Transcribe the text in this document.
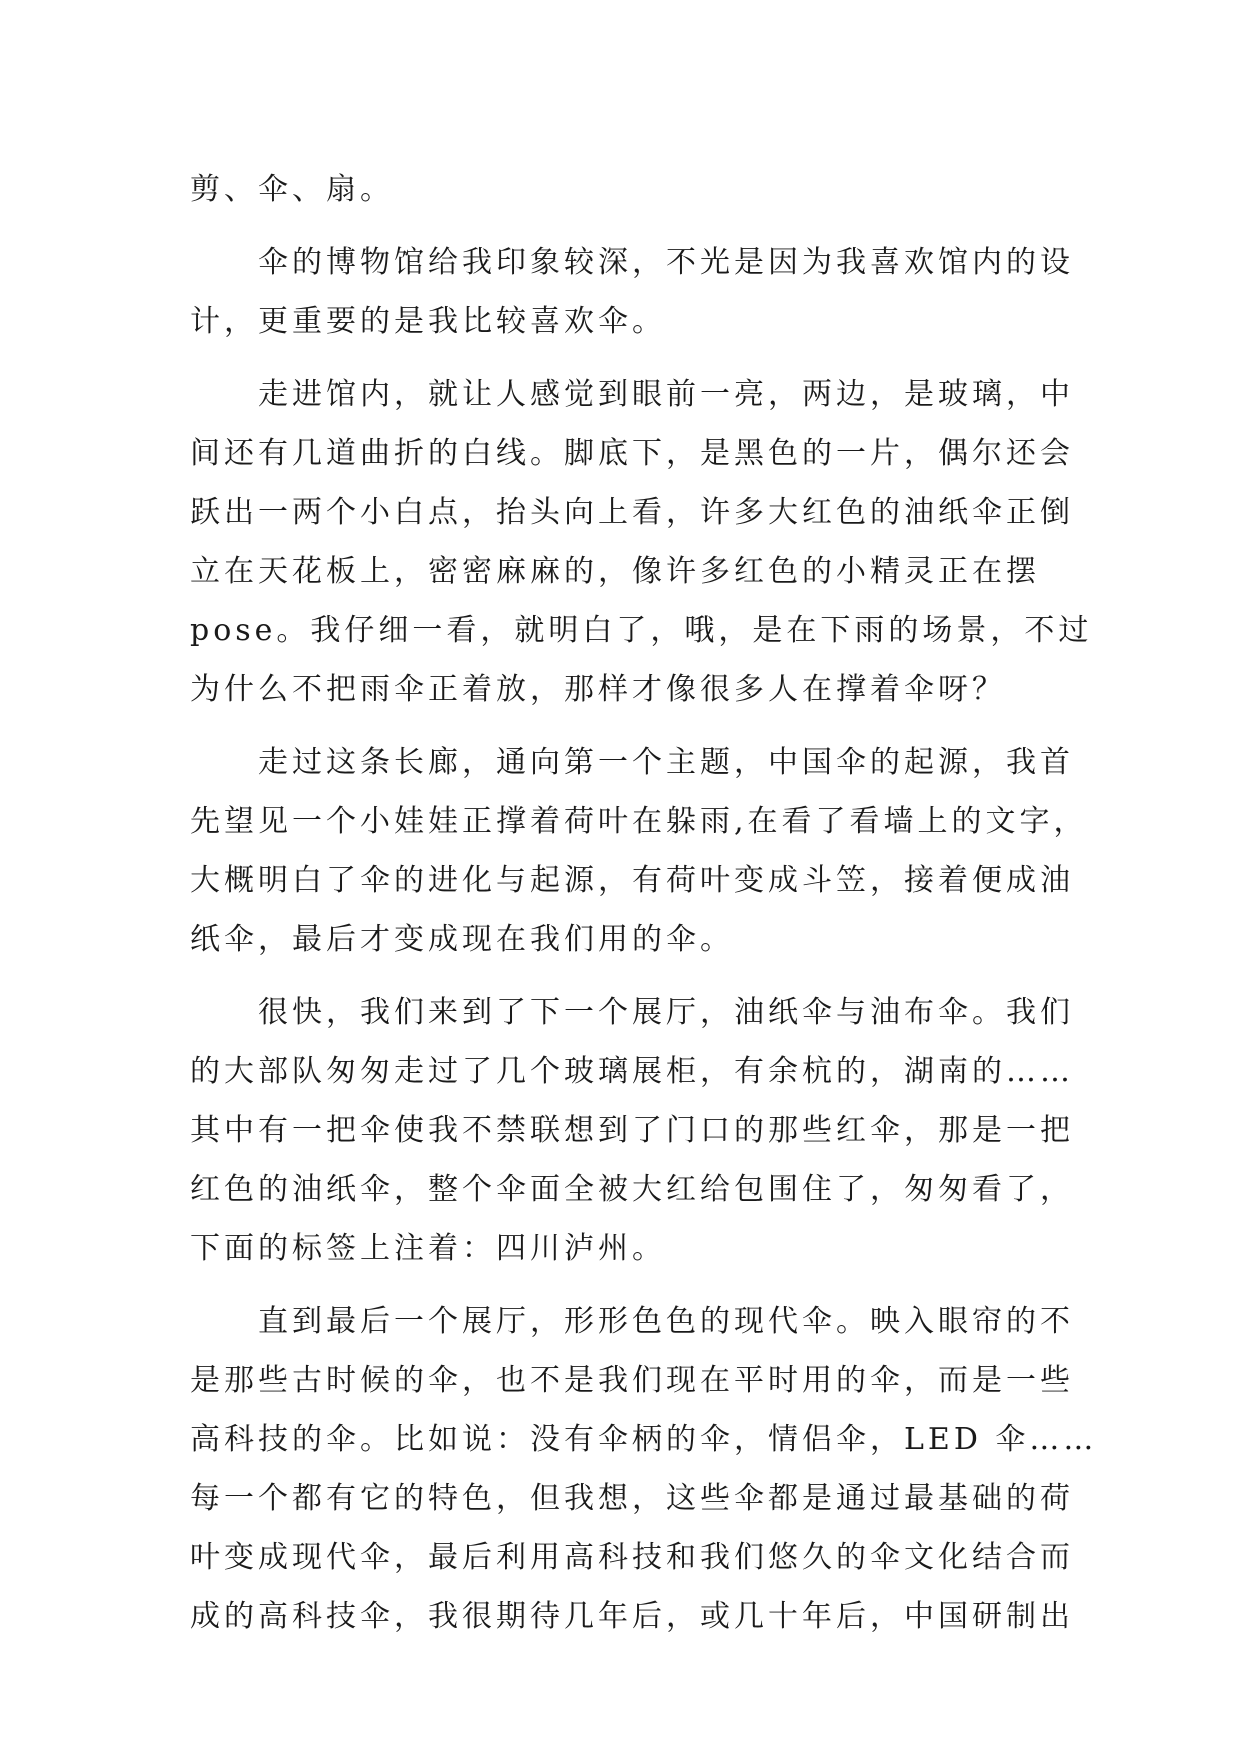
剪、伞、扇。
　　伞的博物馆给我印象较深，不光是因为我喜欢馆内的设
计，更重要的是我比较喜欢伞。
　　走进馆内，就让人感觉到眼前一亮，两边，是玻璃，中
间还有几道曲折的白线。脚底下，是黑色的一片，偶尔还会
跃出一两个小白点，抬头向上看，许多大红色的油纸伞正倒
立在天花板上，密密麻麻的，像许多红色的小精灵正在摆
pose。我仔细一看，就明白了，哦，是在下雨的场景，不过
为什么不把雨伞正着放，那样才像很多人在撑着伞呀？
　　走过这条长廊，通向第一个主题，中国伞的起源，我首
先望见一个小娃娃正撑着荷叶在躲雨,在看了看墙上的文字，
大概明白了伞的进化与起源，有荷叶变成斗笠，接着便成油
纸伞，最后才变成现在我们用的伞。
　　很快，我们来到了下一个展厅，油纸伞与油布伞。我们
的大部队匆匆走过了几个玻璃展柜，有余杭的，湖南的……
其中有一把伞使我不禁联想到了门口的那些红伞，那是一把
红色的油纸伞，整个伞面全被大红给包围住了，匆匆看了，
下面的标签上注着：四川泸州。
　　直到最后一个展厅，形形色色的现代伞。映入眼帘的不
是那些古时候的伞，也不是我们现在平时用的伞，而是一些
高科技的伞。比如说：没有伞柄的伞，情侣伞，LED 伞……
每一个都有它的特色，但我想，这些伞都是通过最基础的荷
叶变成现代伞，最后利用高科技和我们悠久的伞文化结合而
成的高科技伞，我很期待几年后，或几十年后，中国研制出
